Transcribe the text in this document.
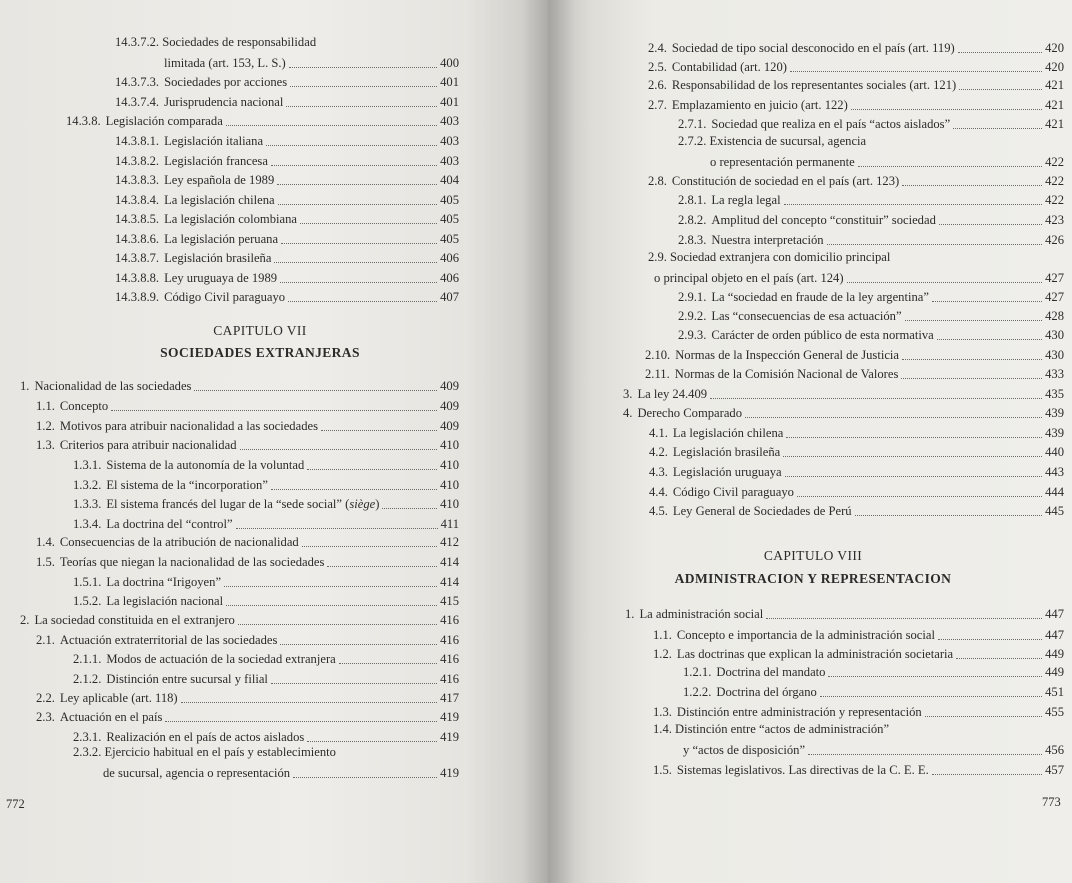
14.3.7.2. Sociedades de responsabilidad
limitada (art. 153, L. S.)	400
14.3.7.3. Sociedades por acciones	401
14.3.7.4. Jurisprudencia nacional	401
14.3.8. Legislación comparada	403
14.3.8.1. Legislación italiana	403
14.3.8.2. Legislación francesa	403
14.3.8.3. Ley española de 1989	404
14.3.8.4. La legislación chilena	405
14.3.8.5. La legislación colombiana	405
14.3.8.6. La legislación peruana	405
14.3.8.7. Legislación brasileña	406
14.3.8.8. Ley uruguaya de 1989	406
14.3.8.9. Código Civil paraguayo	407
1. Nacionalidad de las sociedades	409
1.1. Concepto	409
1.2. Motivos para atribuir nacionalidad a las sociedades	409
1.3. Criterios para atribuir nacionalidad	410
1.3.1. Sistema de la autonomía de la voluntad	410
1.3.2. El sistema de la “incorporation”	410
1.3.3. El sistema francés del lugar de la “sede social” (siège)	410
1.3.4. La doctrina del “control”	411
1.4. Consecuencias de la atribución de nacionalidad	412
1.5. Teorías que niegan la nacionalidad de las sociedades	414
1.5.1. La doctrina “Irigoyen”	414
1.5.2. La legislación nacional	415
2. La sociedad constituida en el extranjero	416
2.1. Actuación extraterritorial de las sociedades	416
2.1.1. Modos de actuación de la sociedad extranjera	416
2.1.2. Distinción entre sucursal y filial	416
2.2. Ley aplicable (art. 118)	417
2.3. Actuación en el país	419
2.3.1. Realización en el país de actos aislados	419
2.3.2. Ejercicio habitual en el país y establecimiento
de sucursal, agencia o representación	419
CAPITULO VII
SOCIEDADES EXTRANJERAS
772
2.4. Sociedad de tipo social desconocido en el país (art. 119)	420
2.5. Contabilidad (art. 120)	420
2.6. Responsabilidad de los representantes sociales (art. 121)	421
2.7. Emplazamiento en juicio (art. 122)	421
2.7.1. Sociedad que realiza en el país “actos aislados”	421
2.7.2. Existencia de sucursal, agencia
o representación permanente	422
2.8. Constitución de sociedad en el país (art. 123)	422
2.8.1. La regla legal	422
2.8.2. Amplitud del concepto “constituir” sociedad	423
2.8.3. Nuestra interpretación	426
2.9. Sociedad extranjera con domicilio principal
o principal objeto en el país (art. 124)	427
2.9.1. La “sociedad en fraude de la ley argentina”	427
2.9.2. Las “consecuencias de esa actuación”	428
2.9.3. Carácter de orden público de esta normativa	430
2.10. Normas de la Inspección General de Justicia	430
2.11. Normas de la Comisión Nacional de Valores	433
3. La ley 24.409	435
4. Derecho Comparado	439
4.1. La legislación chilena	439
4.2. Legislación brasileña	440
4.3. Legislación uruguaya	443
4.4. Código Civil paraguayo	444
4.5. Ley General de Sociedades de Perú	445
1. La administración social	447
1.1. Concepto e importancia de la administración social	447
1.2. Las doctrinas que explican la administración societaria	449
1.2.1. Doctrina del mandato	449
1.2.2. Doctrina del órgano	451
1.3. Distinción entre administración y representación	455
1.4. Distinción entre “actos de administración”
y “actos de disposición”	456
1.5. Sistemas legislativos. Las directivas de la C. E. E.	457
CAPITULO VIII
ADMINISTRACION Y REPRESENTACION
773
